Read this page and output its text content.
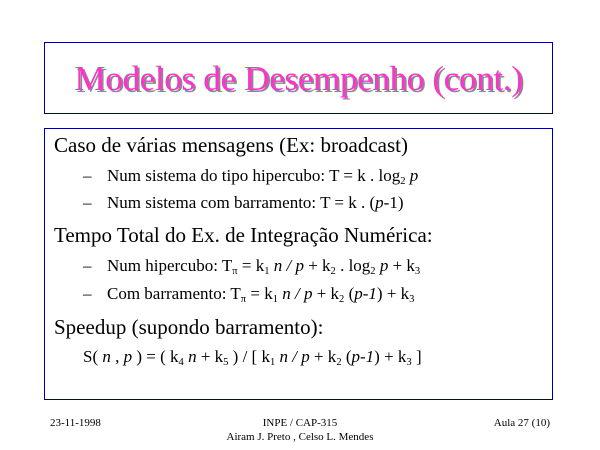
Modelos de Desempenho (cont.)
Caso de várias mensagens (Ex: broadcast)
– Num sistema do tipo hipercubo: T = k . $\log_2 p$
– Num sistema com barramento: T = k . (p-1)
Tempo Total do Ex. de Integração Numérica:
– Num hipercubo: $T_\pi = k_1$ $n / p + k_2$ . $\log_2 p + k_3$
– Com barramento: $T_\pi = k_1$ $n / p + k_2$ $(p-1) + k_3$
Speedup (supondo barramento):
S( n , p ) = ( $k_4$ $n + k_5$ ) / [ $k_1$ $n / p + k_2$ $(p-1) + k_3$ ]
23-11-1998	INPE / CAP-315
Airam J. Preto , Celso L. Mendes
Aula 27 (10)
